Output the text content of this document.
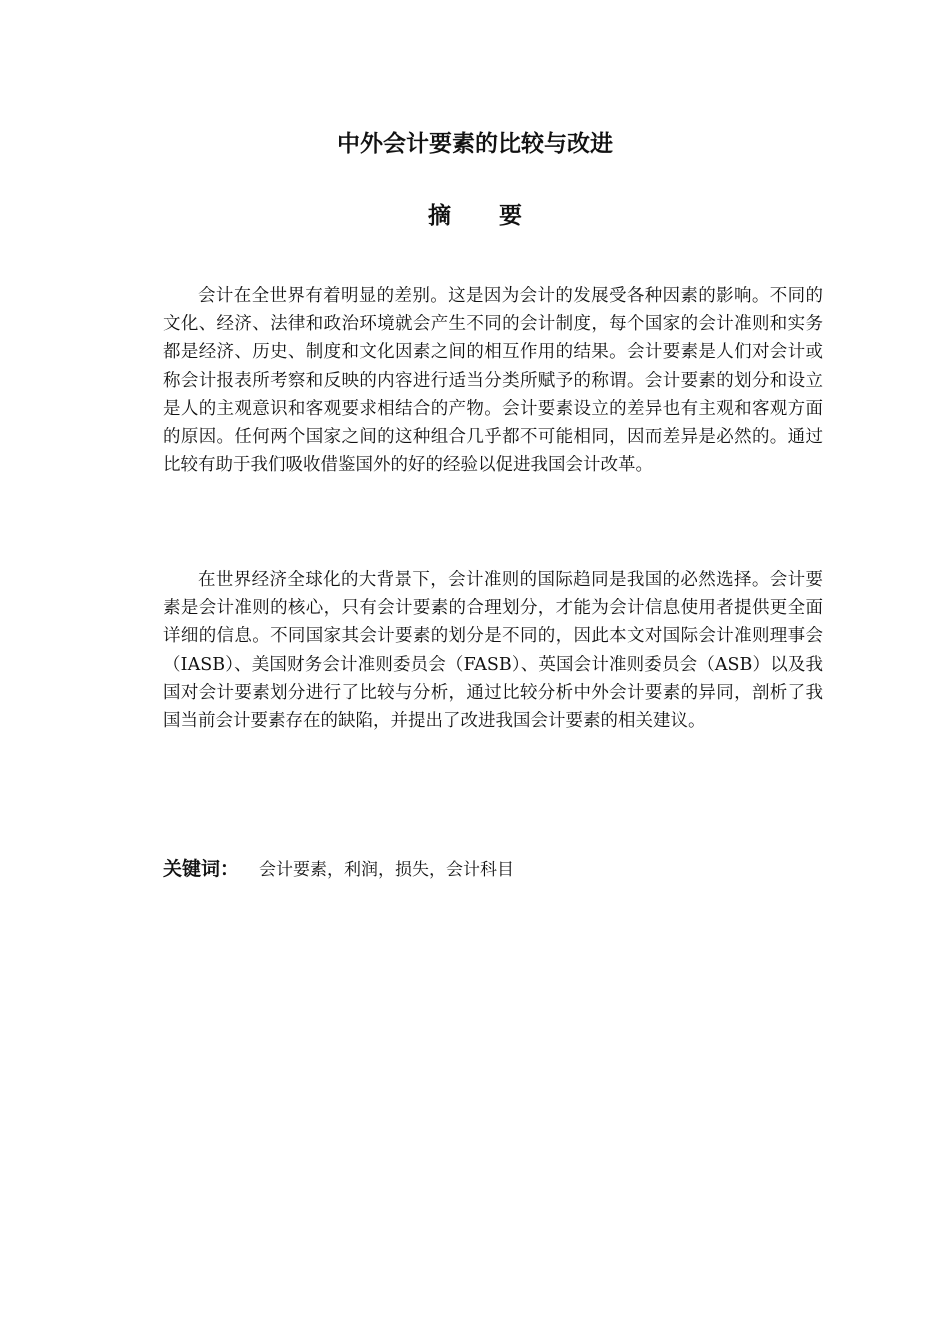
中外会计要素的比较与改进
摘要

会计在全世界有着明显的差别。这是因为会计的发展受各种因素的影响。不同的文化、经济、法律和政治环境就会产生不同的会计制度，每个国家的会计准则和实务都是经济、历史、制度和文化因素之间的相互作用的结果。会计要素是人们对会计或称会计报表所考察和反映的内容进行适当分类所赋予的称谓。会计要素的划分和设立是人的主观意识和客观要求相结合的产物。会计要素设立的差异也有主观和客观方面的原因。任何两个国家之间的这种组合几乎都不可能相同，因而差异是必然的。通过比较有助于我们吸收借鉴国外的好的经验以促进我国会计改革。

在世界经济全球化的大背景下，会计准则的国际趋同是我国的必然选择。会计要素是会计准则的核心，只有会计要素的合理划分，才能为会计信息使用者提供更全面详细的信息。不同国家其会计要素的划分是不同的，因此本文对国际会计准则理事会（IASB）、美国财务会计准则委员会（FASB）、英国会计准则委员会（ASB）以及我国对会计要素划分进行了比较与分析，通过比较分析中外会计要素的异同，剖析了我国当前会计要素存在的缺陷，并提出了改进我国会计要素的相关建议。

关键词： 会计要素，利润，损失，会计科目
